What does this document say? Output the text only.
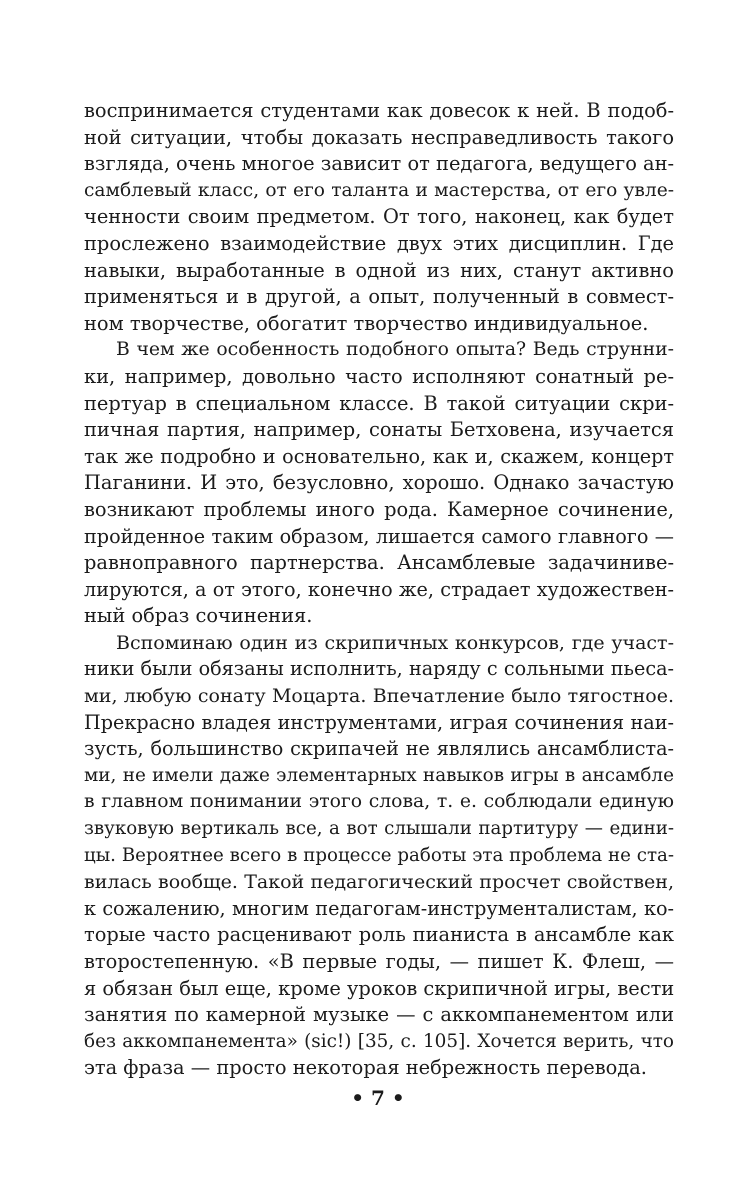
воспринимается студентами как довесок к ней. В подоб-
ной ситуации, чтобы доказать несправедливость такого
взгляда, очень многое зависит от педагога, ведущего ан-
самблевый класс, от его таланта и мастерства, от его увле-
ченности своим предметом. От того, наконец, как будет
прослежено взаимодействие двух этих дисциплин. Где
навыки, выработанные в одной из них, станут активно
применяться и в другой, а опыт, полученный в совмест-
ном творчестве, обогатит творчество индивидуальное.
В чем же особенность подобного опыта? Ведь струнни-
ки, например, довольно часто исполняют сонатный ре-
пертуар в специальном классе. В такой ситуации скри-
пичная партия, например, сонаты Бетховена, изучается
так же подробно и основательно, как и, скажем, концерт
Паганини. И это, безусловно, хорошо. Однако зачастую
возникают проблемы иного рода. Камерное сочинение,
пройденное таким образом, лишается самого главного —
равноправного партнерства. Ансамблевые задачиниве-
лируются, а от этого, конечно же, страдает художествен-
ный образ сочинения.
Вспоминаю один из скрипичных конкурсов, где участ-
ники были обязаны исполнить, наряду с сольными пьеса-
ми, любую сонату Моцарта. Впечатление было тягостное.
Прекрасно владея инструментами, играя сочинения наи-
зусть, большинство скрипачей не являлись ансамблиста-
ми, не имели даже элементарных навыков игры в ансамбле
в главном понимании этого слова, т. е. соблюдали единую
звуковую вертикаль все, а вот слышали партитуру — едини-
цы. Вероятнее всего в процессе работы эта проблема не ста-
вилась вообще. Такой педагогический просчет свойствен,
к сожалению, многим педагогам-инструменталистам, ко-
торые часто расценивают роль пианиста в ансамбле как
второстепенную. «В первые годы, — пишет К. Флеш, —
я обязан был еще, кроме уроков скрипичной игры, вести
занятия по камерной музыке — с аккомпанементом или
без аккомпанемента» (sic!) [35, с. 105]. Хочется верить, что
эта фраза — просто некоторая небрежность перевода.
• 7 •
